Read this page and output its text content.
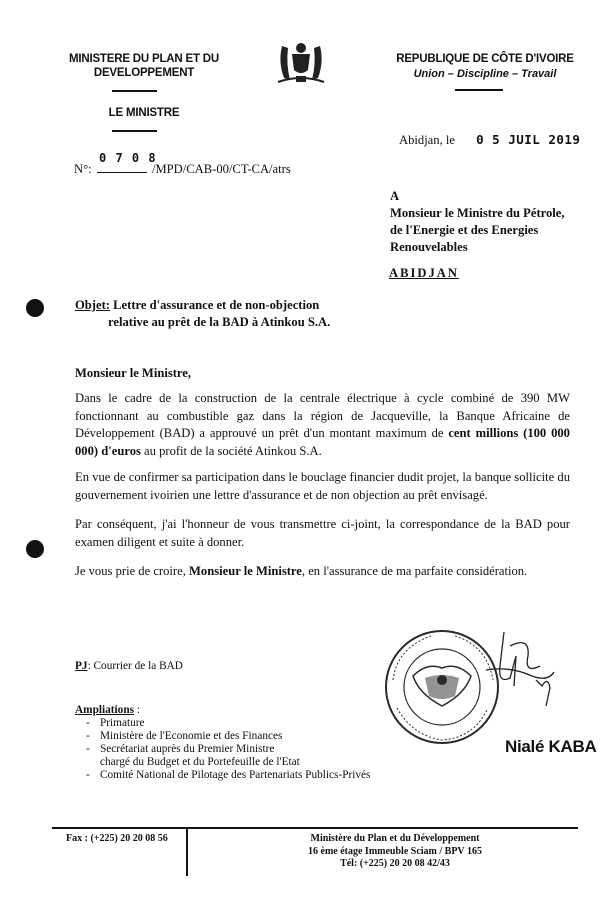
MINISTERE DU PLAN ET DU
DEVELOPPEMENT
LE MINISTRE
REPUBLIQUE DE CÔTE D'IVOIRE
Union – Discipline – Travail
0 7 0 8
N°:	/MPD/CAB-00/CT-CA/atrs
Abidjan, le 0 5 JUIL 2019
A
Monsieur le Ministre du Pétrole,
de l'Energie et des Energies
Renouvelables
ABIDJAN
Objet: Lettre d'assurance et de non-objection
relative au prêt de la BAD à Atinkou S.A.
Monsieur le Ministre,
Dans le cadre de la construction de la centrale électrique à cycle combiné de 390 MW fonctionnant au combustible gaz dans la région de Jacqueville, la Banque Africaine de Développement (BAD) a approuvé un prêt d'un montant maximum de cent millions (100 000 000) d'euros au profit de la société Atinkou S.A.
En vue de confirmer sa participation dans le bouclage financier dudit projet, la banque sollicite du gouvernement ivoirien une lettre d'assurance et de non objection au prêt envisagé.
Par conséquent, j'ai l'honneur de vous transmettre ci-joint, la correspondance de la BAD pour examen diligent et suite à donner.
Je vous prie de croire, Monsieur le Ministre, en l'assurance de ma parfaite considération.
PJ: Courrier de la BAD
Ampliations :
- Primature
- Ministère de l'Economie et des Finances
- Secrétariat auprès du Premier Ministre
chargé du Budget et du Portefeuille de l'Etat
- Comité National de Pilotage des Partenariats Publics-Privés
Nialé KABA
Fax : (+225) 20 20 08 56	Ministère du Plan et du Développement
16 ème étage Immeuble Sciam / BPV 165
Tél: (+225) 20 20 08 42/43
